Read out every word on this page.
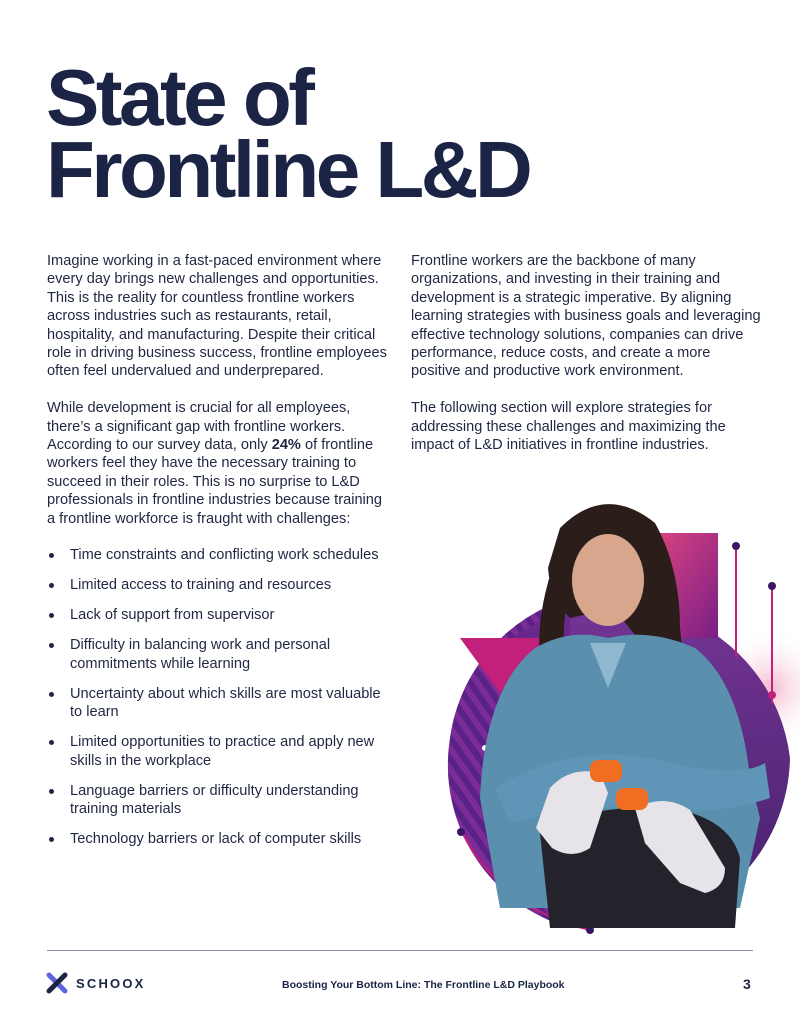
State of
Frontline L&D

Imagine working in a fast-paced environment where every day brings new challenges and opportunities. This is the reality for countless frontline workers across industries such as restaurants, retail, hospitality, and manufacturing. Despite their critical role in driving business success, frontline employees often feel undervalued and underprepared.

While development is crucial for all employees, there’s a significant gap with frontline workers. According to our survey data, only 24% of frontline workers feel they have the necessary training to succeed in their roles. This is no surprise to L&D professionals in frontline industries because training a frontline workforce is fraught with challenges:

Time constraints and conflicting work schedules
Limited access to training and resources
Lack of support from supervisor
Difficulty in balancing work and personal commitments while learning
Uncertainty about which skills are most valuable to learn
Limited opportunities to practice and apply new skills in the workplace
Language barriers or difficulty understanding training materials
Technology barriers or lack of computer skills

Frontline workers are the backbone of many organizations, and investing in their training and development is a strategic imperative. By aligning learning strategies with business goals and leveraging effective technology solutions, companies can drive performance, reduce costs, and create a more positive and productive work environment.

The following section will explore strategies for addressing these challenges and maximizing the impact of L&D initiatives in frontline industries.

SCHOOX	Boosting Your Bottom Line: The Frontline L&D Playbook	3
